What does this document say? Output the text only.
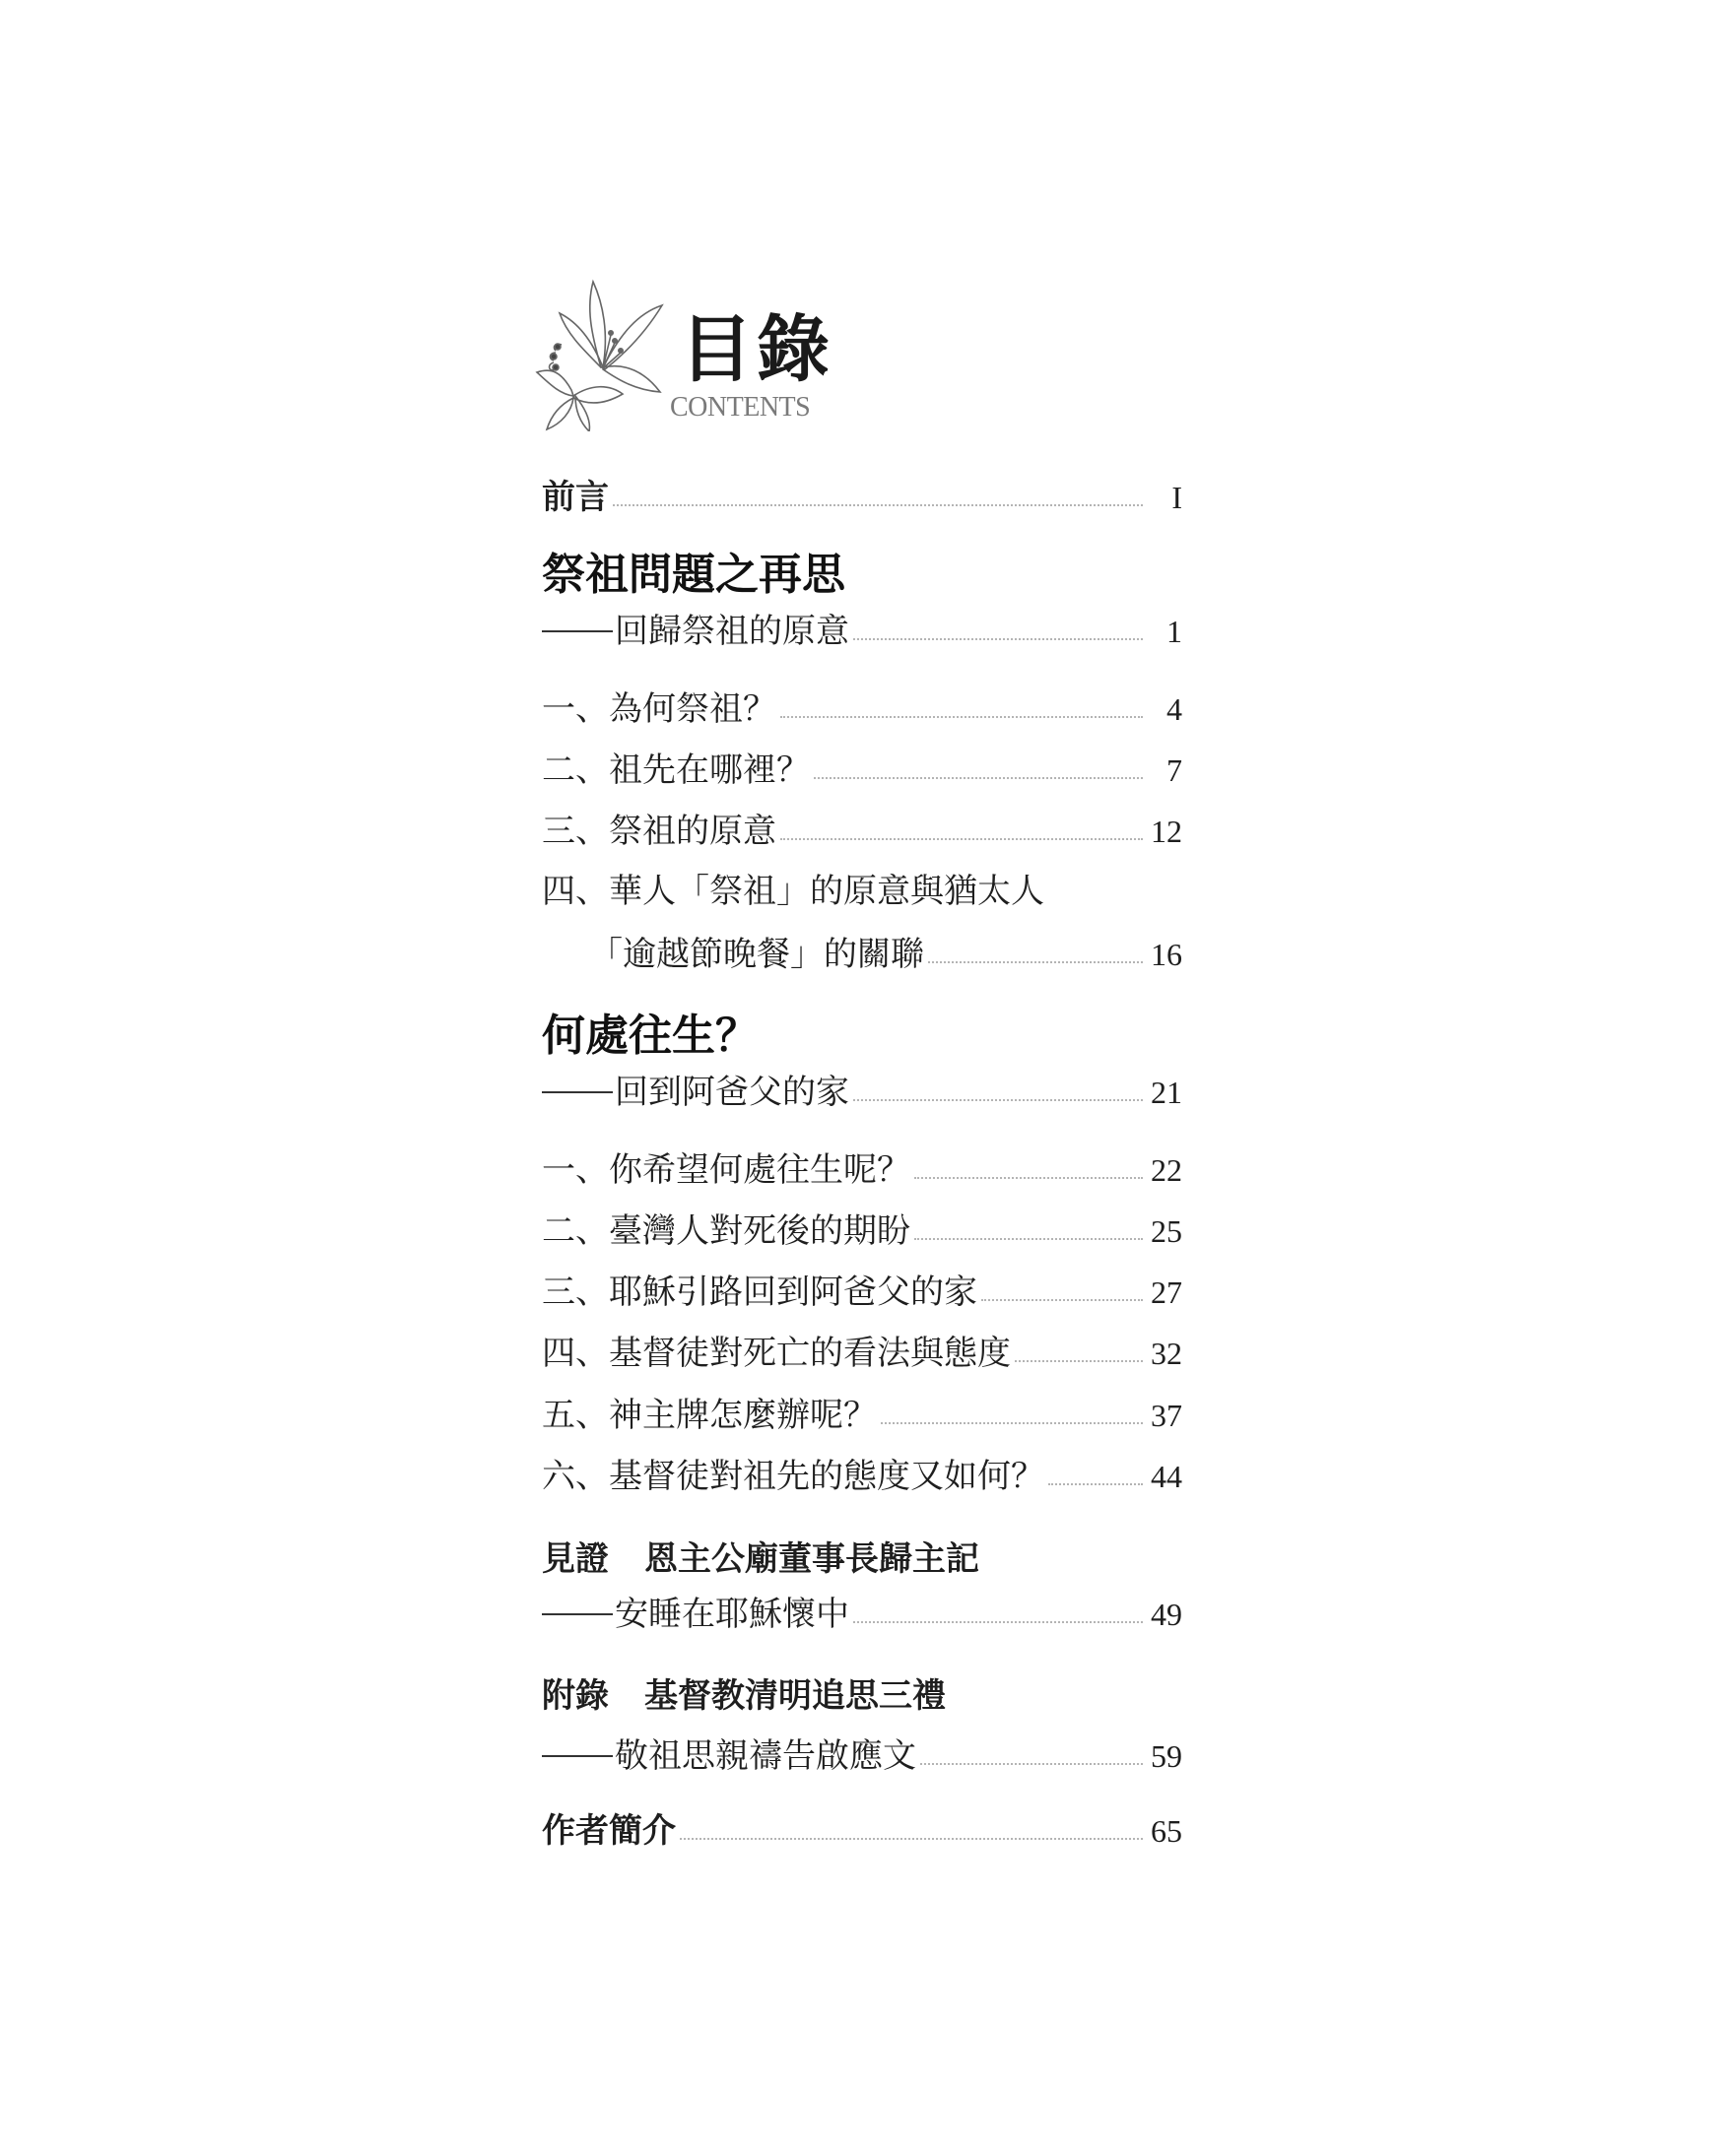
目錄
CONTENTS
前言	I
祭祖問題之再思
回歸祭祖的原意	1
一、為何祭祖？	4
二、祖先在哪裡？	7
三、祭祖的原意	12
四、華人「祭祖」的原意與猶太人
「逾越節晚餐」的關聯	16
何處往生？
回到阿爸父的家	21
一、你希望何處往生呢？	22
二、臺灣人對死後的期盼	25
三、耶穌引路回到阿爸父的家	27
四、基督徒對死亡的看法與態度	32
五、神主牌怎麼辦呢？	37
六、基督徒對祖先的態度又如何？	44
見證 恩主公廟董事長歸主記
安睡在耶穌懷中	49
附錄 基督教清明追思三禮
敬祖思親禱告啟應文	59
作者簡介	65
